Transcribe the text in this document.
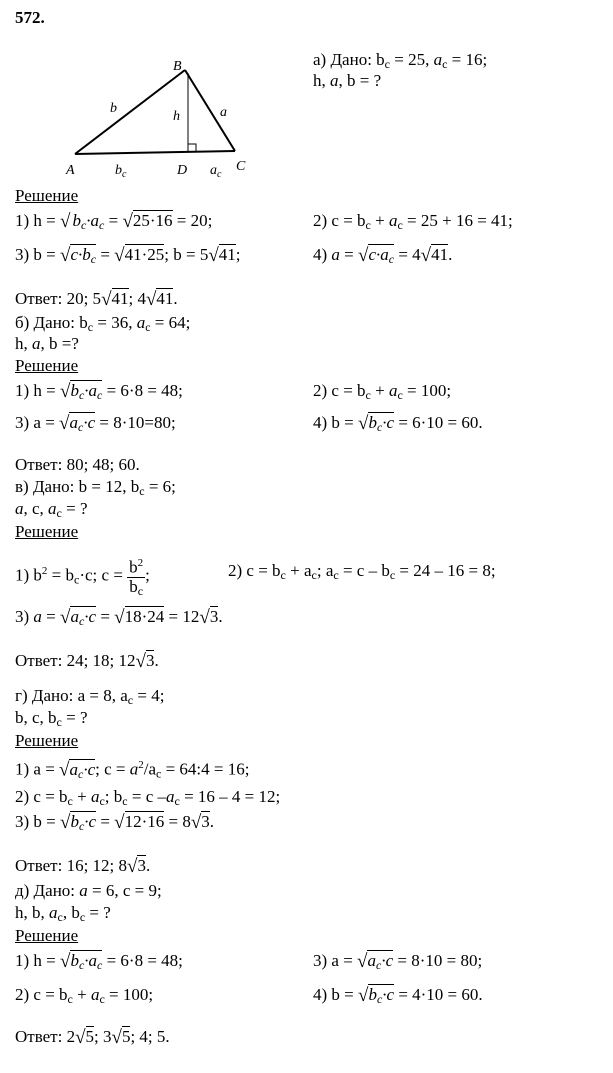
572.
B
A	C
D
b
h	a
$b_c$	$a_c$
а) Дано: $b_c = 25$, $a_c = 16$;
h, a, b = ?
Решение
1) h = √ $b_c\cdot a_c = √25\cdot 16 = 20$;	2) $c = b_c + a_c = 25 + 16 = 41$;
3) $b = √c\cdot b_c = √41\cdot 25$; b = 5√41;	4) $a = √c\cdot a_c = 4√41$.
Ответ: 20; 5√41; 4√41.
б) Дано: $b_c = 36$, $a_c = 64$;
h, a, b =?
Решение
1) $h = √b_c\cdot a_c = 6\cdot 8 = 48$;	2) $c = b_c + a_c = 100$;
3) $a = √a_c\cdot c = 8\cdot 10=80$;	4) $b = √b_c\cdot c = 6\cdot 10 = 60$.
Ответ: 80; 48; 60.
в) Дано: b = 12, $b_c = 6$;
a, c, $a_c$ = ?
Решение
1) $b^2 = b_c\cdot c$; $c = \frac{b^2}{b_c}$ ;	2) $c = b_c + a_c$; $a_c = c - b_c = 24 - 16 = 8$;
3) $a = √a_c\cdot c = √18\cdot 24 = 12√3$.
Ответ: 24; 18; 12√3.
г) Дано: a = 8, $a_c = 4$;
b, c, $b_c$ = ?
Решение
1) $a = √a_c\cdot c$; $c = a^2/a_c$ = 64:4 = 16;
2) $c = b_c + a_c$; $b_c = c$ $-a_c = 16 - 4 = 12$;
3) $b = √b_c\cdot c = √12\cdot 16 = 8√3$.
Ответ: 16; 12; 8√3.
д) Дано: a = 6, c = 9;
h, b, $a_c$, $b_c$ = ?
Решение
1) $h = √b_c\cdot a_c = 6\cdot 8 = 48$;	3) $a = √a_c\cdot c = 8\cdot 10 = 80$;
2) $c = b_c + a_c = 100$;	4) $b = √b_c\cdot c = 4\cdot 10 = 60$.
Ответ: 2√5; 3√5; 4; 5.
